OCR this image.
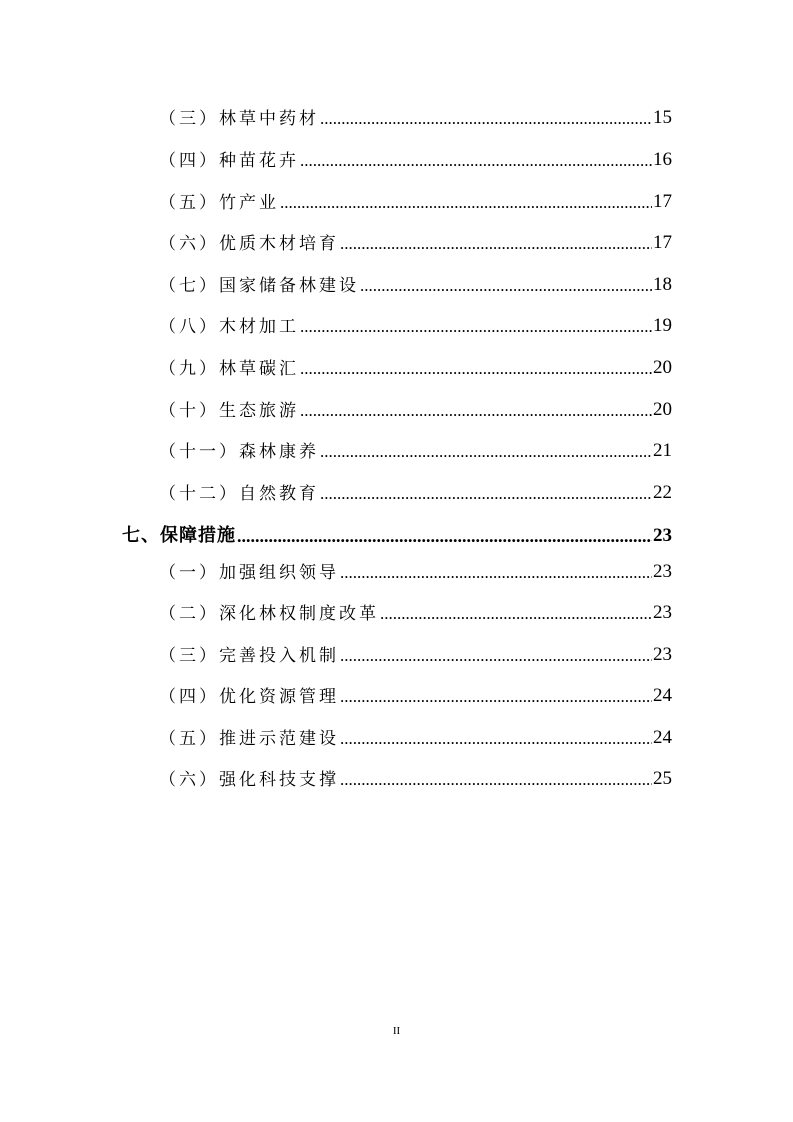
（三）林草中药材 .....	15
（四）种苗花卉 .....	16
（五）竹产业 .....	17
（六）优质木材培育 .....	17
（七）国家储备林建设 .....	18
（八）木材加工 .....	19
（九）林草碳汇 .....	20
（十）生态旅游 .....	20
（十一）森林康养 .....	21
（十二）自然教育 .....	22
七、保障措施 .....	23
（一）加强组织领导 .....	23
（二）深化林权制度改革 .....	23
（三）完善投入机制 .....	23
（四）优化资源管理 .....	24
（五）推进示范建设 .....	24
（六）强化科技支撑 .....	25
II
